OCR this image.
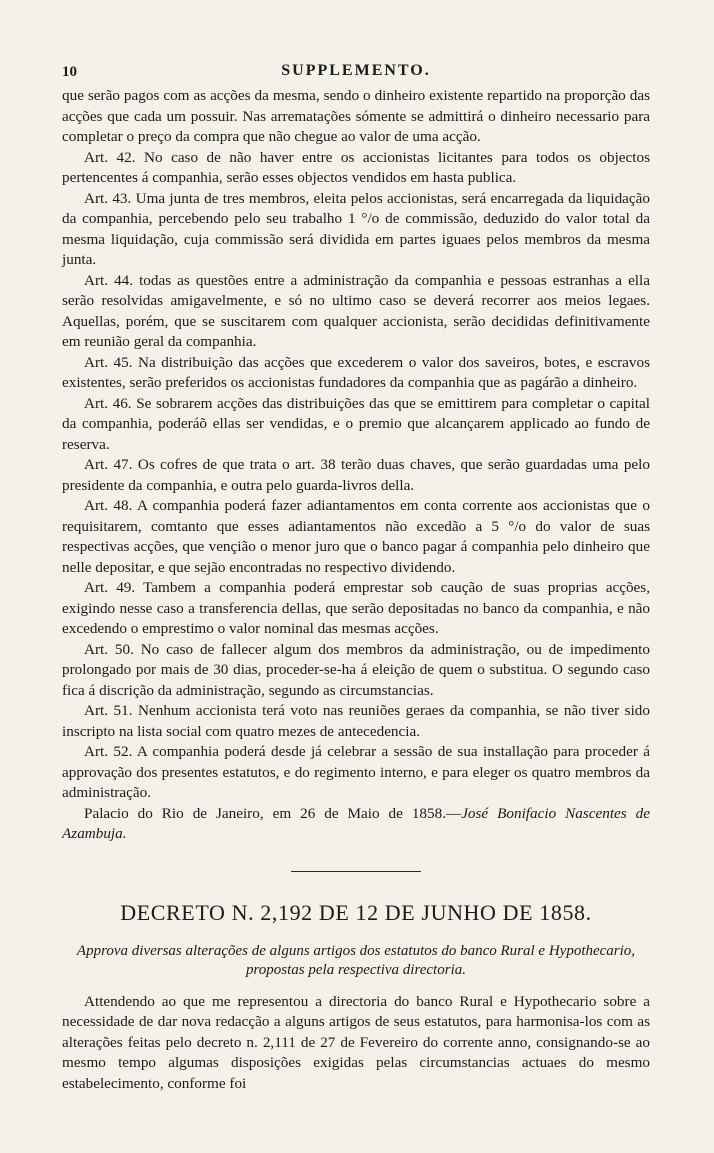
10	SUPPLEMENTO.

que serão pagos com as acções da mesma, sendo o dinheiro existente repartido na proporção das acções que cada um possuir. Nas arrematações sómente se admittirá o dinheiro necessario para completar o preço da compra que não chegue ao valor de uma acção.

Art. 42. No caso de não haver entre os accionistas licitantes para todos os objectos pertencentes á companhia, serão esses objectos vendidos em hasta publica.

Art. 43. Uma junta de tres membros, eleita pelos accionistas, será encarregada da liquidação da companhia, percebendo pelo seu trabalho 1 °/o de commissão, deduzido do valor total da mesma liquidação, cuja commissão será dividida em partes iguaes pelos membros da mesma junta.

Art. 44. todas as questões entre a administração da companhia e pessoas estranhas a ella serão resolvidas amigavelmente, e só no ultimo caso se deverá recorrer aos meios legaes. Aquellas, porém, que se suscitarem com qualquer accionista, serão decididas definitivamente em reunião geral da companhia.

Art. 45. Na distribuição das acções que excederem o valor dos saveiros, botes, e escravos existentes, serão preferidos os accionistas fundadores da companhia que as pagárão a dinheiro.

Art. 46. Se sobrarem acções das distribuições das que se emittirem para completar o capital da companhia, poderáõ ellas ser vendidas, e o premio que alcançarem applicado ao fundo de reserva.

Art. 47. Os cofres de que trata o art. 38 terão duas chaves, que serão guardadas uma pelo presidente da companhia, e outra pelo guarda-livros della.

Art. 48. A companhia poderá fazer adiantamentos em conta corrente aos accionistas que o requisitarem, comtanto que esses adiantamentos não excedão a 5 °/o do valor de suas respectivas acções, que vençião o menor juro que o banco pagar á companhia pelo dinheiro que nelle depositar, e que sejão encontradas no respectivo dividendo.

Art. 49. Tambem a companhia poderá emprestar sob caução de suas proprias acções, exigindo nesse caso a transferencia dellas, que serão depositadas no banco da companhia, e não excedendo o emprestimo o valor nominal das mesmas acções.

Art. 50. No caso de fallecer algum dos membros da administração, ou de impedimento prolongado por mais de 30 dias, proceder-se-ha á eleição de quem o substitua. O segundo caso fica á discrição da administração, segundo as circumstancias.

Art. 51. Nenhum accionista terá voto nas reuniões geraes da companhia, se não tiver sido inscripto na lista social com quatro mezes de antecedencia.

Art. 52. A companhia poderá desde já celebrar a sessão de sua installação para proceder á approvação dos presentes estatutos, e do regimento interno, e para eleger os quatro membros da administração.

Palacio do Rio de Janeiro, em 26 de Maio de 1858.—José Bonifacio Nascentes de Azambuja.

DECRETO N. 2,192 DE 12 DE JUNHO DE 1858.

Approva diversas alterações de alguns artigos dos estatutos do banco Rural e Hypothecario, propostas pela respectiva directoria.

Attendendo ao que me representou a directoria do banco Rural e Hypothecario sobre a necessidade de dar nova redacção a alguns artigos de seus estatutos, para harmonisa-los com as alterações feitas pelo decreto n. 2,111 de 27 de Fevereiro do corrente anno, consignando-se ao mesmo tempo algumas disposições exigidas pelas circumstancias actuaes do mesmo estabelecimento, conforme foi
